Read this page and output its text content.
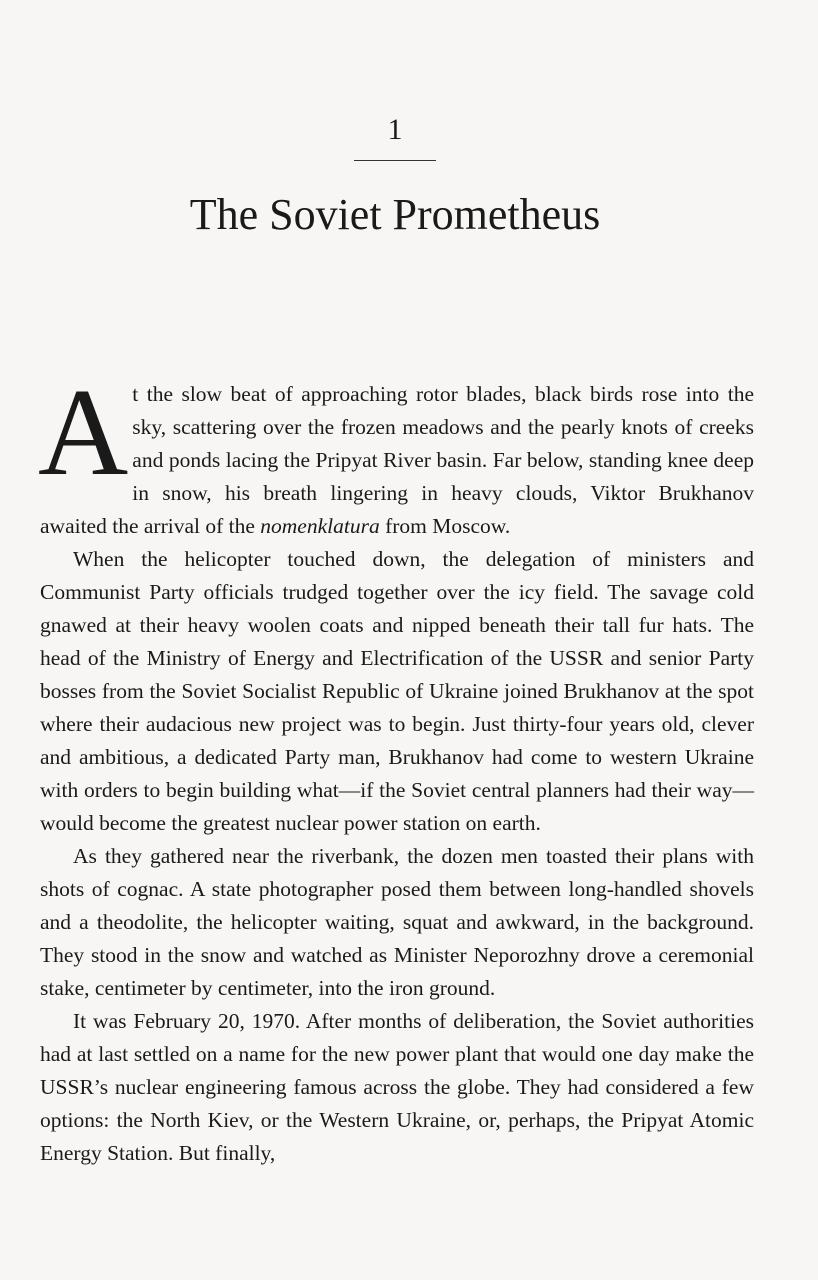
1
The Soviet Prometheus

At the slow beat of approaching rotor blades, black birds rose into the sky, scattering over the frozen meadows and the pearly knots of creeks and ponds lacing the Pripyat River basin. Far below, standing knee deep in snow, his breath lingering in heavy clouds, Viktor Brukhanov awaited the arrival of the nomenklatura from Moscow.

When the helicopter touched down, the delegation of ministers and Communist Party officials trudged together over the icy field. The savage cold gnawed at their heavy woolen coats and nipped beneath their tall fur hats. The head of the Ministry of Energy and Electrification of the USSR and senior Party bosses from the Soviet Socialist Republic of Ukraine joined Brukhanov at the spot where their audacious new project was to begin. Just thirty-four years old, clever and ambitious, a dedicated Party man, Brukhanov had come to western Ukraine with orders to begin building what—if the Soviet central planners had their way—would become the greatest nuclear power station on earth.

As they gathered near the riverbank, the dozen men toasted their plans with shots of cognac. A state photographer posed them between long-handled shovels and a theodolite, the helicopter waiting, squat and awkward, in the background. They stood in the snow and watched as Minister Neporozhny drove a ceremonial stake, centimeter by centimeter, into the iron ground.

It was February 20, 1970. After months of deliberation, the Soviet authorities had at last settled on a name for the new power plant that would one day make the USSR’s nuclear engineering famous across the globe. They had considered a few options: the North Kiev, or the Western Ukraine, or, perhaps, the Pripyat Atomic Energy Station. But finally,
